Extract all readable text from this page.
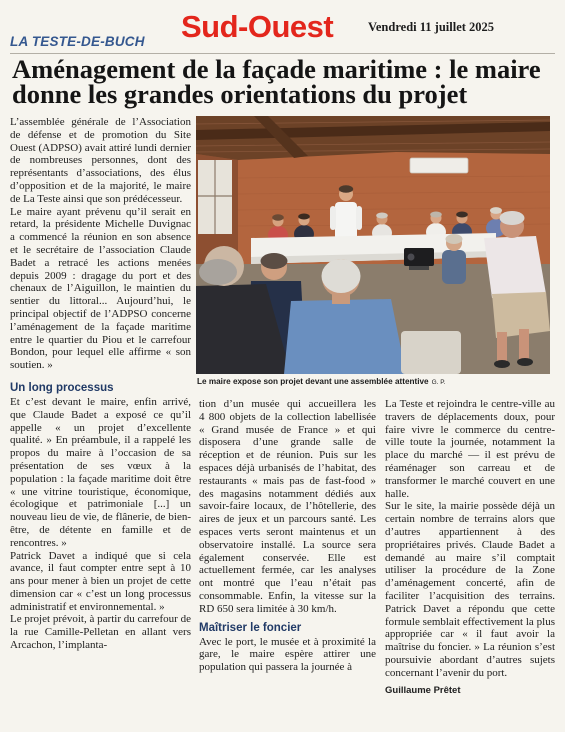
LA TESTE-DE-BUCH Sud-Ouest	Vendredi 11 juillet 2025
Aménagement de la façade maritime : le maire
donne les grandes orientations du projet

L’assemblée générale de l’Association de défense et de promotion du Site Ouest (ADPSO) avait attiré lundi dernier de nombreuses personnes, dont des représentants d’associations, des élus d’opposition et de la majorité, le maire de La Teste ainsi que son prédécesseur.

Le maire ayant prévenu qu’il serait en retard, la présidente Michelle Duvignac a commencé la réunion en son absence et le secrétaire de l’association Claude Badet a retracé les actions menées depuis 2009 : dragage du port et des chenaux de l’Aiguillon, le maintien du sentier du littoral... Aujourd’hui, le principal objectif de l’ADPSO concerne l’aménagement de la façade maritime entre le quartier du Piou et le carrefour Bondon, pour lequel elle affirme « son soutien. »

Un long processus

Et c’est devant le maire, enfin arrivé, que Claude Badet a exposé ce qu’il appelle « un projet d’excellente qualité. » En préambule, il a rappelé les propos du maire à l’occasion de sa présentation de ses vœux à la population : la façade maritime doit être « une vitrine touristique, économique, écologique et patrimoniale [...] un nouveau lieu de vie, de flânerie, de bien-être, de détente en famille et de rencontres. »

Patrick Davet a indiqué que si cela avance, il faut compter entre sept à 10 ans pour mener à bien un projet de cette dimension car « c’est un long processus administratif et environnemental. »

Le projet prévoit, à partir du carrefour de la rue Camille-Pelletan en allant vers Arcachon, l’implanta-

Le maire expose son projet devant une assemblée attentive G. P.

tion d’un musée qui accueillera les 4 800 objets de la collection labellisée « Grand musée de France » et qui disposera d’une grande salle de réception et de réunion. Puis sur les espaces déjà urbanisés de l’habitat, des restaurants « mais pas de fast-food » des magasins notamment dédiés aux savoir-faire locaux, de l’hôtellerie, des aires de jeux et un parcours santé. Les espaces verts seront maintenus et un observatoire installé. La source sera également conservée. Elle est actuellement fermée, car les analyses ont montré que l’eau n’était pas consommable. Enfin, la vitesse sur la RD 650 sera limitée à 30 km/h.

Maîtriser le foncier

Avec le port, le musée et à proximité la gare, le maire espère attirer une population qui passera la journée à

La Teste et rejoindra le centre-ville au travers de déplacements doux, pour faire vivre le commerce du centre-ville toute la journée, notamment la place du marché — il est prévu de réaménager son carreau et de transformer le marché couvert en une halle.

Sur le site, la mairie possède déjà un certain nombre de terrains alors que d’autres appartiennent à des propriétaires privés. Claude Badet a demandé au maire s’il comptait utiliser la procédure de la Zone d’aménagement concerté, afin de faciliter l’acquisition des terrains. Patrick Davet a répondu que cette formule semblait effectivement la plus appropriée car « il faut avoir la maîtrise du foncier. » La réunion s’est poursuivie abordant d’autres sujets concernant l’avenir du port.

Guillaume Prêtet
